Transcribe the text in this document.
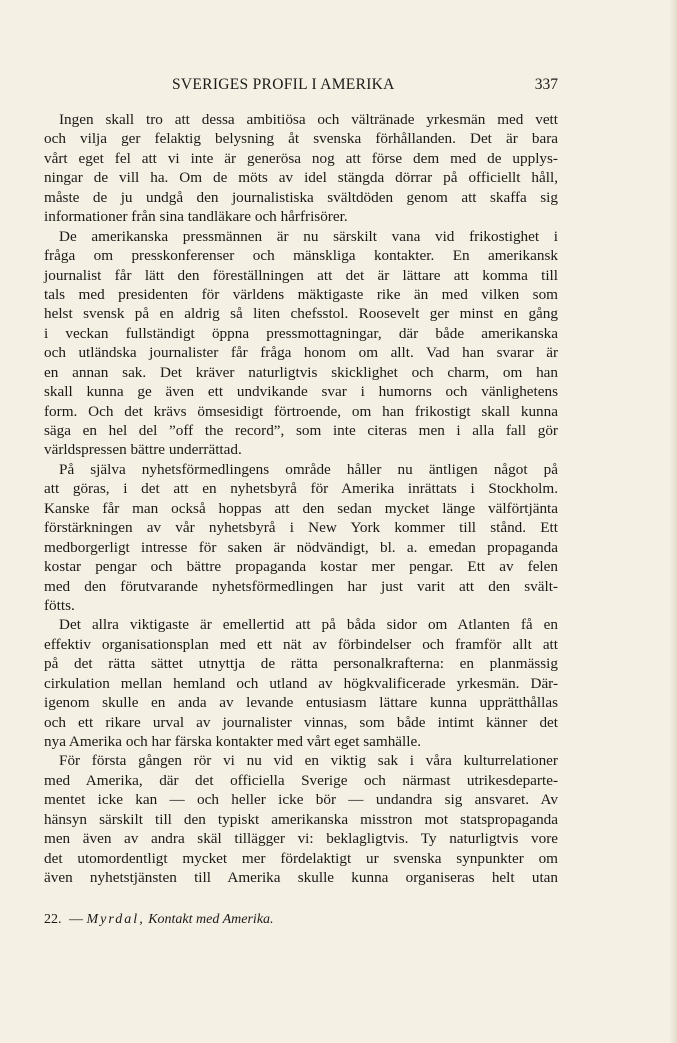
SVERIGES PROFIL I AMERIKA	337
Ingen skall tro att dessa ambitiösa och vältränade yrkesmän med vett
och vilja ger felaktig belysning åt svenska förhållanden. Det är bara
vårt eget fel att vi inte är generösa nog att förse dem med de upplys-
ningar de vill ha. Om de möts av idel stängda dörrar på officiellt håll,
måste de ju undgå den journalistiska svältdöden genom att skaffa sig
informationer från sina tandläkare och hårfrisörer.
De amerikanska pressmännen är nu särskilt vana vid frikostighet i
fråga om presskonferenser och mänskliga kontakter. En amerikansk
journalist får lätt den föreställningen att det är lättare att komma till
tals med presidenten för världens mäktigaste rike än med vilken som
helst svensk på en aldrig så liten chefsstol. Roosevelt ger minst en gång
i veckan fullständigt öppna pressmottagningar, där både amerikanska
och utländska journalister får fråga honom om allt. Vad han svarar är
en annan sak. Det kräver naturligtvis skicklighet och charm, om han
skall kunna ge även ett undvikande svar i humorns och vänlighetens
form. Och det krävs ömsesidigt förtroende, om han frikostigt skall kunna
säga en hel del ”off the record”, som inte citeras men i alla fall gör
världspressen bättre underrättad.
På själva nyhetsförmedlingens område håller nu äntligen något på
att göras, i det att en nyhetsbyrå för Amerika inrättats i Stockholm.
Kanske får man också hoppas att den sedan mycket länge välförtjänta
förstärkningen av vår nyhetsbyrå i New York kommer till stånd. Ett
medborgerligt intresse för saken är nödvändigt, bl. a. emedan propaganda
kostar pengar och bättre propaganda kostar mer pengar. Ett av felen
med den förutvarande nyhetsförmedlingen har just varit att den svält-
fötts.
Det allra viktigaste är emellertid att på båda sidor om Atlanten få en
effektiv organisationsplan med ett nät av förbindelser och framför allt att
på det rätta sättet utnyttja de rätta personalkrafterna: en planmässig
cirkulation mellan hemland och utland av högkvalificerade yrkesmän. Där-
igenom skulle en anda av levande entusiasm lättare kunna upprätthållas
och ett rikare urval av journalister vinnas, som både intimt känner det
nya Amerika och har färska kontakter med vårt eget samhälle.
För första gången rör vi nu vid en viktig sak i våra kulturrelationer
med Amerika, där det officiella Sverige och närmast utrikesdeparte-
mentet icke kan — och heller icke bör — undandra sig ansvaret. Av
hänsyn särskilt till den typiskt amerikanska misstron mot statspropaganda
men även av andra skäl tillägger vi: beklagligtvis. Ty naturligtvis vore
det utomordentligt mycket mer fördelaktigt ur svenska synpunkter om
även nyhetstjänsten till Amerika skulle kunna organiseras helt utan
22. — Myrdal, Kontakt med Amerika.
